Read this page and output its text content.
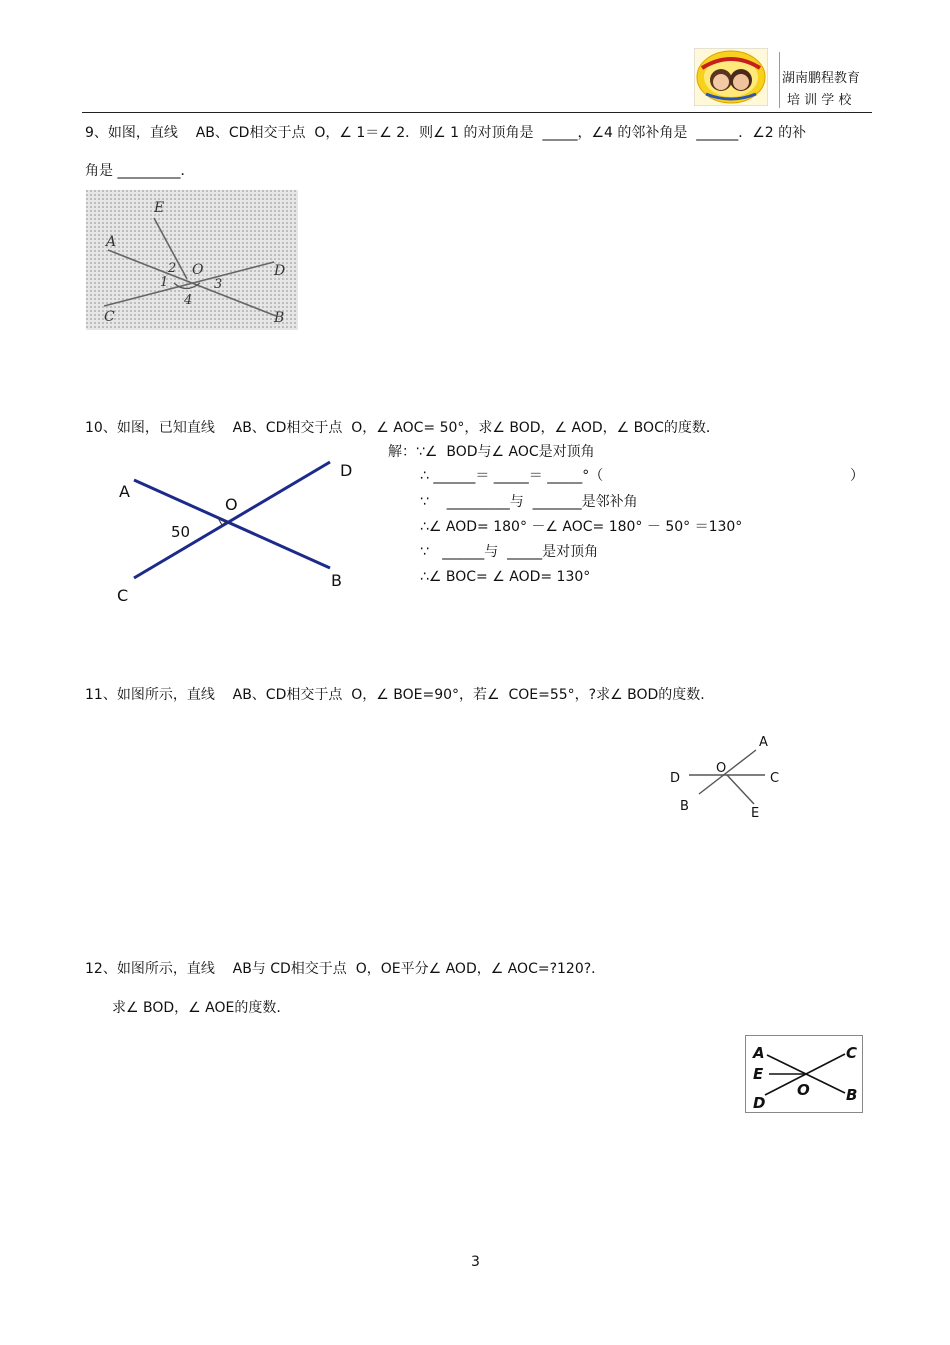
湖南鹏程教育
培 训 学 校
9、如图，直线    AB、CD相交于点  O，∠ 1＝∠ 2．则∠ 1 的对顶角是  _____，∠4 的邻补角是  ______．∠2 的补
角是 _________．
E
A
2 O	D
1	3
4
C	B
10、如图，已知直线    AB、CD相交于点  O，∠ AOC= 50°，求∠ BOD，∠ AOD，∠ BOC的度数．
D
A
O
50
B
C
解：∵∠  BOD与∠ AOC是对顶角
∴ ______＝ _____＝ _____°（	）
∵    _________与  _______是邻补角
∴∠ AOD= 180° －∠ AOC= 180° － 50° ＝130°
∵   ______与  _____是对顶角
∴∠ BOC= ∠ AOD= 130°
11、如图所示，直线    AB、CD相交于点  O，∠ BOE=90°，若∠  COE=55°，?求∠ BOD的度数.
A
O
D	C
B	E
12、如图所示，直线    AB与 CD相交于点  O，OE平分∠ AOD，∠ AOC=?120?．
求∠ BOD，∠ AOE的度数.
A	C
E
O
D	B
3
